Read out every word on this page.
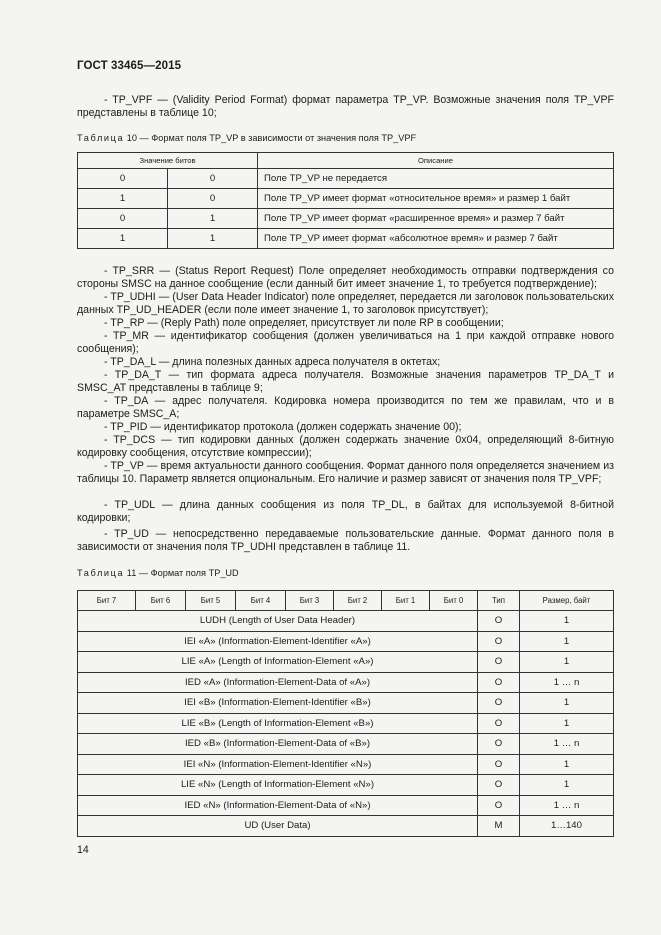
ГОСТ 33465—2015
- TP_VPF — (Validity Period Format) формат параметра TP_VP. Возможные значения поля TP_VPF представлены в таблице 10;
Таблица 10 — Формат поля TP_VP в зависимости от значения поля TP_VPF
Значение битов		Описание
0	0	Поле TP_VP не передается
1	0	Поле TP_VP имеет формат «относительное время» и размер 1 байт
0	1	Поле TP_VP имеет формат «расширенное время» и размер 7 байт
1	1	Поле TP_VP имеет формат «абсолютное время» и размер 7 байт
- TP_SRR — (Status Report Request) Поле определяет необходимость отправки подтверждения со стороны SMSC на данное сообщение (если данный бит имеет значение 1, то требуется подтверждение);
- TP_UDHI — (User Data Header Indicator) поле определяет, передается ли заголовок пользовательских данных TP_UD_HEADER (если поле имеет значение 1, то заголовок присутствует);
- TP_RP — (Reply Path) поле определяет, присутствует ли поле RP в сообщении;
- TP_MR — идентификатор сообщения (должен увеличиваться на 1 при каждой отправке нового сообщения);
- TP_DA_L — длина полезных данных адреса получателя в октетах;
- TP_DA_T — тип формата адреса получателя. Возможные значения параметров TP_DA_T и SMSC_AT представлены в таблице 9;
- TP_DA — адрес получателя. Кодировка номера производится по тем же правилам, что и в параметре SMSC_A;
- TP_PID — идентификатор протокола (должен содержать значение 00);
- TP_DCS — тип кодировки данных (должен содержать значение 0x04, определяющий 8-битную кодировку сообщения, отсутствие компрессии);
- TP_VP — время актуальности данного сообщения. Формат данного поля определяется значением из таблицы 10. Параметр является опциональным. Его наличие и размер зависят от значения поля TP_VPF;
- TP_UDL — длина данных сообщения из поля TP_DL, в байтах для используемой 8-битной кодировки;
- TP_UD — непосредственно передаваемые пользовательские данные. Формат данного поля в зависимости от значения поля TP_UDHI представлен в таблице 11.
Таблица 11 — Формат поля TP_UD
Бит 7	Бит 6	Бит 5	Бит 4	Бит 3	Бит 2	Бит 1	Бит 0	Тип	Размер, байт
LUDH (Length of User Data Header)								O	1
IEI «A» (Information-Element-Identifier «A»)								O	1
LIE «A» (Length of Information-Element «A»)								O	1
IED «A» (Information-Element-Data of «A»)								O	1 … n
IEI «B» (Information-Element-Identifier «B»)								O	1
LIE «B» (Length of Information-Element «B»)								O	1
IED «B» (Information-Element-Data of «B»)								O	1 … n
IEI «N» (Information-Element-Identifier «N»)								O	1
LIE «N» (Length of Information-Element «N»)								O	1
IED «N» (Information-Element-Data of «N»)								O	1 … n
UD (User Data)								M	1…140
14
